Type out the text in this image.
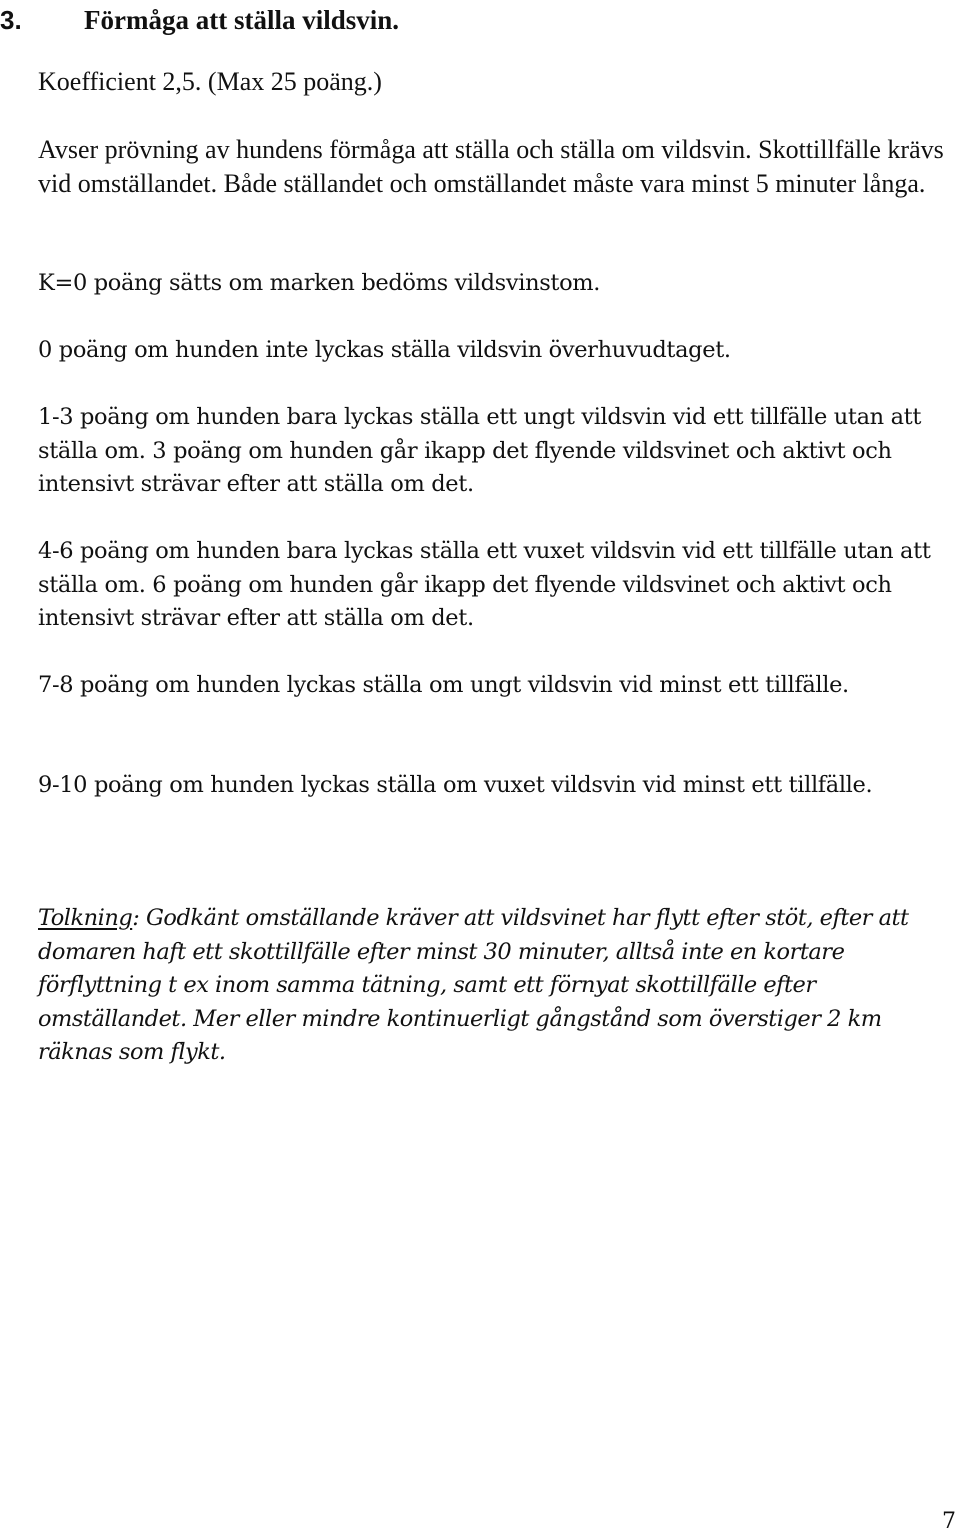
3. Förmåga att ställa vildsvin.

Koefficient 2,5. (Max 25 poäng.)

Avser prövning av hundens förmåga att ställa och ställa om vildsvin. Skottillfälle krävs vid omställandet. Både ställandet och omställandet måste vara minst 5 minuter långa.

K=0 poäng sätts om marken bedöms vildsvinstom.

0 poäng om hunden inte lyckas ställa vildsvin överhuvudtaget.

1-3 poäng om hunden bara lyckas ställa ett ungt vildsvin vid ett tillfälle utan att ställa om. 3 poäng om hunden går ikapp det flyende vildsvinet och aktivt och intensivt strävar efter att ställa om det.

4-6 poäng om hunden bara lyckas ställa ett vuxet vildsvin vid ett tillfälle utan att ställa om. 6 poäng om hunden går ikapp det flyende vildsvinet och aktivt och intensivt strävar efter att ställa om det.

7-8 poäng om hunden lyckas ställa om ungt vildsvin vid minst ett tillfälle.

9-10 poäng om hunden lyckas ställa om vuxet vildsvin vid minst ett tillfälle.

Tolkning: Godkänt omställande kräver att vildsvinet har flytt efter stöt, efter att domaren haft ett skottillfälle efter minst 30 minuter, alltså inte en kortare förflyttning t ex inom samma tätning, samt ett förnyat skottillfälle efter omställandet. Mer eller mindre kontinuerligt gångstånd som överstiger 2 km räknas som flykt.

7
